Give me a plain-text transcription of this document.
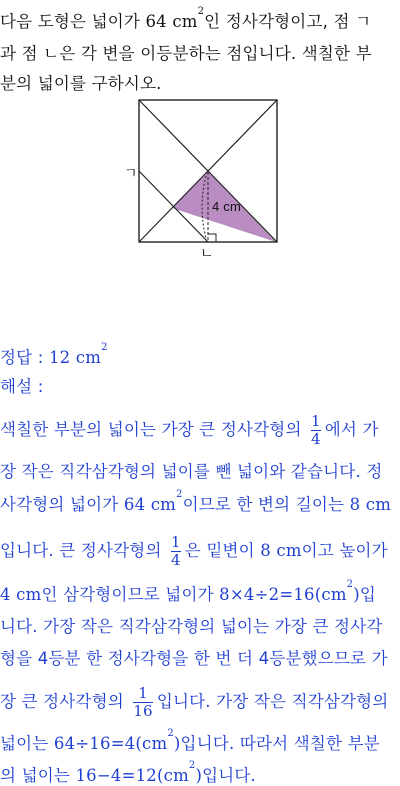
다음 도형은 넓이가 64 $cm^2$인 정사각형이고, 점 ㄱ
과 점 ㄴ은 각 변을 이등분하는 점입니다. 색칠한 부
분의 넓이를 구하시오.
ㄱ
ㄴ
4 cm
정답 : 12 $cm^2$
해설 :
색칠한 부분의 넓이는 가장 큰 정사각형의 $\frac{1}{4}$ 에서 가
장 작은 직각삼각형의 넓이를 뺀 넓이와 같습니다. 정
사각형의 넓이가 64 $cm^2$이므로 한 변의 길이는 8 cm
입니다. 큰 정사각형의 $\frac{1}{4}$ 은 밑변이 8 cm이고 높이가
4 cm인 삼각형이므로 넓이가 $8\times 4\div 2=16(cm^2)$입
니다. 가장 작은 직각삼각형의 넓이는 가장 큰 정사각
형을 4등분 한 정사각형을 한 번 더 4등분했으므로 가
장 큰 정사각형의 $\frac{1}{16}$ 입니다. 가장 작은 직각삼각형의
넓이는 $64\div 16=4(cm^2)$입니다. 따라서 색칠한 부분
의 넓이는 $16-4=12(cm^2)$입니다.
